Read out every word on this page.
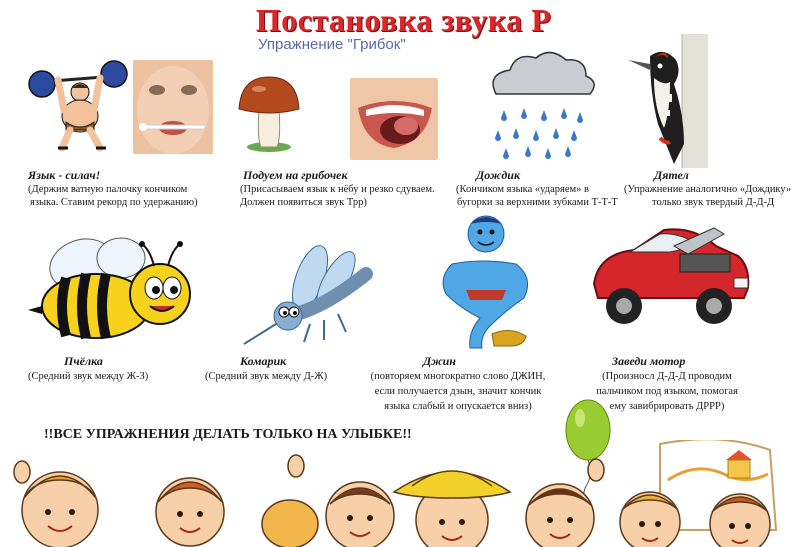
Постановка звука Р
Упражнение "Грибок"
Язык - силач!
(Держим ватную палочку кончиком
языка. Ставим рекорд по удержанию)
Подуем на грибочек
(Присасываем язык к нёбу и резко сдуваем.
Должен появиться звук Трр)
Дождик
(Кончиком языка «ударяем» в
бугорки за верхними зубками Т-Т-Т
Дятел
(Упражнение аналогично «Дождику»
только звук твердый Д-Д-Д
Пчёлка
(Средний звук между Ж-З)
Комарик
(Средний звук между Д-Ж)
Джин
(повторяем многократно слово ДЖИН,
если получается дзын, значит кончик
языка слабый и опускается вниз)
Заведи мотор
(Произносл Д-Д-Д проводим
пальчиком под языком, помогая
ему завибрировать ДРРР)
!!ВСЕ УПРАЖНЕНИЯ ДЕЛАТЬ ТОЛЬКО НА УЛЫБКЕ!!
